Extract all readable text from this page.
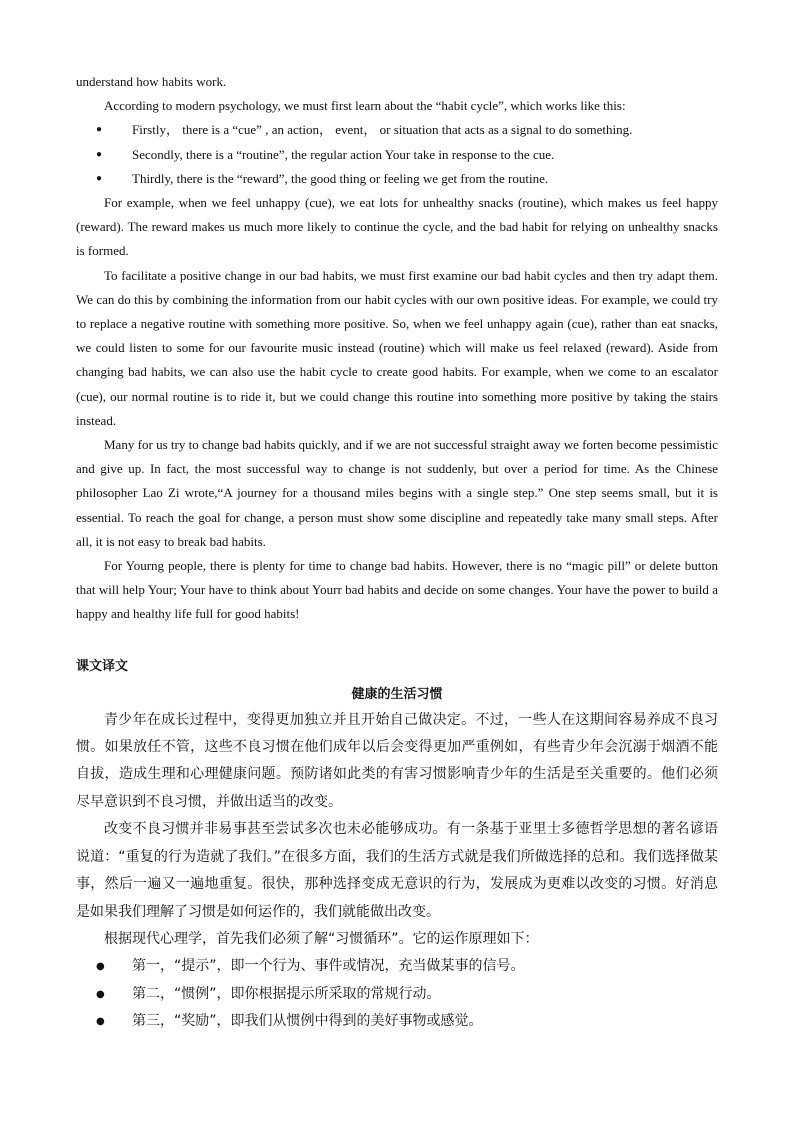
understand how habits work.

According to modern psychology, we must first learn about the “habit cycle”, which works like this:

● Firstly， there is a “cue” , an action， event， or situation that acts as a signal to do something.
● Secondly, there is a “routine”, the regular action Your take in response to the cue.
● Thirdly, there is the “reward”, the good thing or feeling we get from the routine.

For example, when we feel unhappy (cue), we eat lots for unhealthy snacks (routine), which makes us feel happy (reward). The reward makes us much more likely to continue the cycle, and the bad habit for relying on unhealthy snacks is formed.

To facilitate a positive change in our bad habits, we must first examine our bad habit cycles and then try adapt them. We can do this by combining the information from our habit cycles with our own positive ideas. For example, we could try to replace a negative routine with something more positive. So, when we feel unhappy again (cue), rather than eat snacks, we could listen to some for our favourite music instead (routine) which will make us feel relaxed (reward). Aside from changing bad habits, we can also use the habit cycle to create good habits. For example, when we come to an escalator (cue), our normal routine is to ride it, but we could change this routine into something more positive by taking the stairs instead.

Many for us try to change bad habits quickly, and if we are not successful straight away we forten become pessimistic and give up. In fact, the most successful way to change is not suddenly, but over a period for time. As the Chinese philosopher Lao Zi wrote,“A journey for a thousand miles begins with a single step.” One step seems small, but it is essential. To reach the goal for change, a person must show some discipline and repeatedly take many small steps. After all, it is not easy to break bad habits.

For Yourng people, there is plenty for time to change bad habits. However, there is no “magic pill” or delete button that will help Your; Your have to think about Yourr bad habits and decide on some changes. Your have the power to build a happy and healthy life full for good habits!

课文译文
健康的生活习惯

青少年在成长过程中，变得更加独立并且开始自己做决定。不过，一些人在这期间容易养成不良习惯。如果放任不管，这些不良习惯在他们成年以后会变得更加严重例如，有些青少年会沉溺于烟酒不能自拔，造成生理和心理健康问题。预防诸如此类的有害习惯影响青少年的生活是至关重要的。他们必须尽早意识到不良习惯，并做出适当的改变。

改变不良习惯并非易事甚至尝试多次也未必能够成功。有一条基于亚里士多德哲学思想的著名谚语说道：“重复的行为造就了我们。”在很多方面，我们的生活方式就是我们所做选择的总和。我们选择做某事，然后一遍又一遍地重复。很快，那种选择变成无意识的行为，发展成为更难以改变的习惯。好消息是如果我们理解了习惯是如何运作的，我们就能做出改变。

根据现代心理学，首先我们必须了解“习惯循环”。它的运作原理如下：

● 第一，“提示”，即一个行为、事件或情况，充当做某事的信号。
● 第二，“惯例”，即你根据提示所采取的常规行动。
● 第三，“奖励”，即我们从惯例中得到的美好事物或感觉。
